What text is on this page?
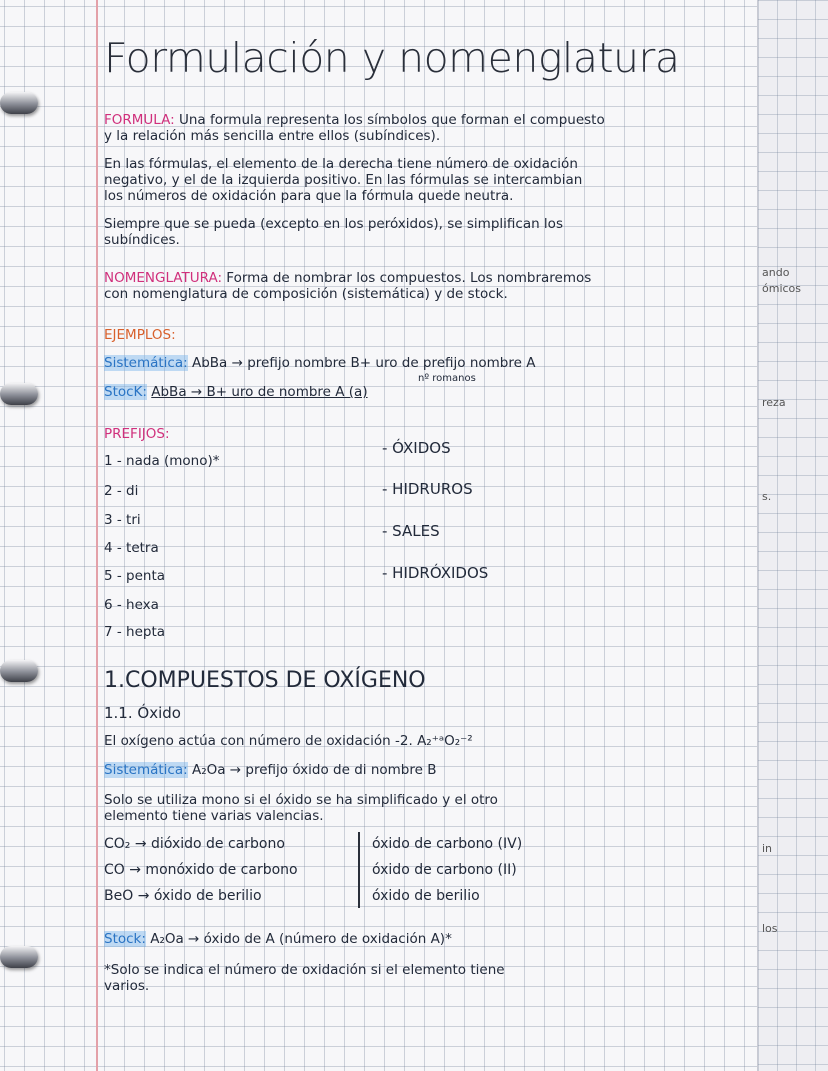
Formulación y nomenglatura
FORMULA: Una formula representa los símbolos que forman el compuesto
y la relación más sencilla entre ellos (subíndices).
En las fórmulas, el elemento de la derecha tiene número de oxidación
negativo, y el de la izquierda positivo. En las fórmulas se intercambian
los números de oxidación para que la fórmula quede neutra.
Siempre que se pueda (excepto en los peróxidos), se simplifican los
subíndices.
NOMENGLATURA: Forma de nombrar los compuestos. Los nombraremos
con nomenglatura de composición (sistemática) y de stock.
EJEMPLOS:
Sistemática: AbBa → prefijo nombre B+ uro de prefijo nombre A
nº romanos
StocK: AbBa → B+ uro de nombre A (a)
PREFIJOS:
1 - nada (mono)*
2 - di
3 - tri
4 - tetra
5 - penta
6 - hexa
7 - hepta
- ÓXIDOS
- HIDRUROS
- SALES
- HIDRÓXIDOS
1.COMPUESTOS DE OXÍGENO
1.1. Óxido
El oxígeno actúa con número de oxidación -2. A₂⁺ᵃO₂⁻²
Sistemática: A₂Oa → prefijo óxido de di nombre B
Solo se utiliza mono si el óxido se ha simplificado y el otro
elemento tiene varias valencias.
CO₂ → dióxido de carbono	óxido de carbono (IV)
CO → monóxido de carbono	óxido de carbono (II)
BeO → óxido de berilio	óxido de berilio
Stock: A₂Oa → óxido de A (número de oxidación A)*
*Solo se indica el número de oxidación si el elemento tiene
varios.
ando
ómicos
reza
s.
in
los
